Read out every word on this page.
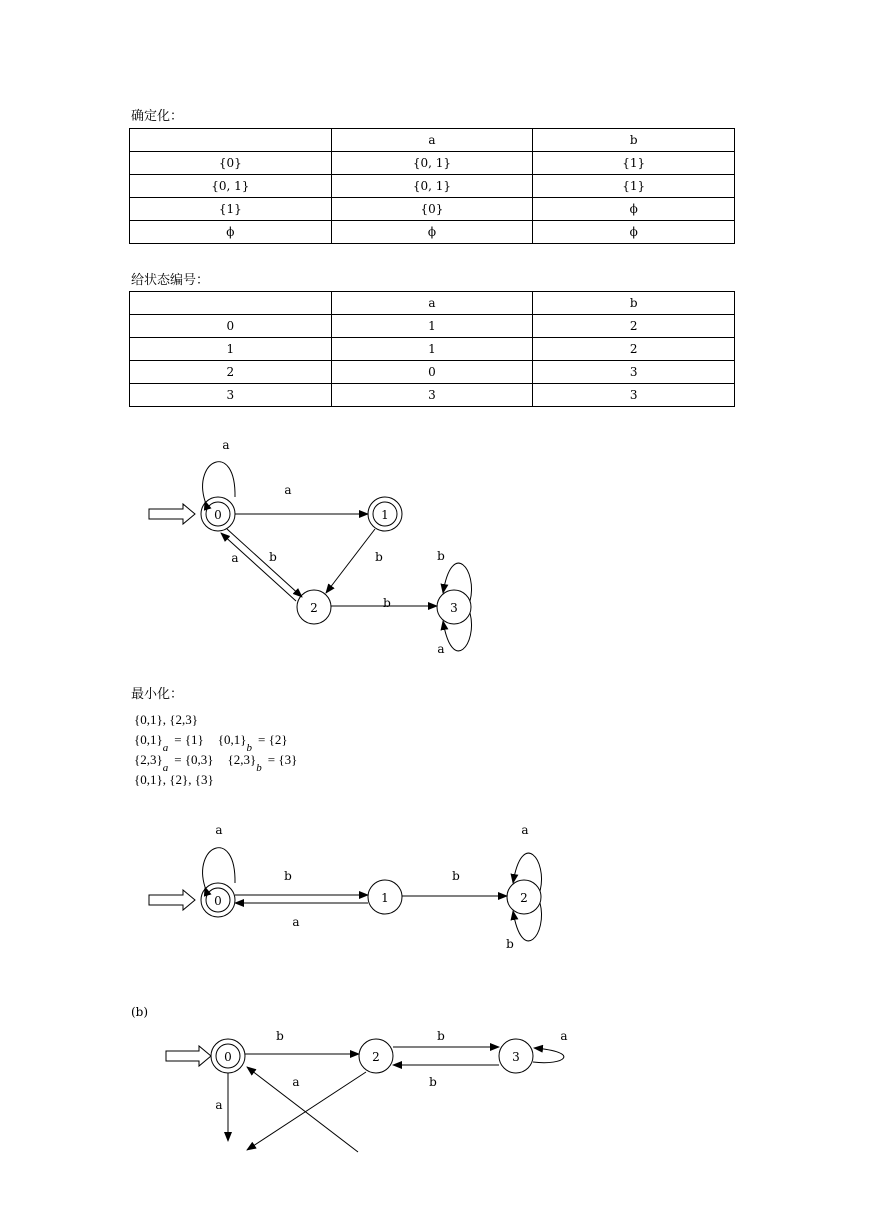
确定化：
	a	b
{0}	{0, 1}	{1}
{0, 1}	{0, 1}	{1}
{1}	{0}	ϕ
ϕ	ϕ	ϕ
给状态编号：
	a	b
0	1	2
1	1	2
2	0	3
3	3	3
0	1
2	3
a
a
b
a	b
b
b
a
最小化：
{0,1}, {2,3}
$\{0,1\}_a= \{1\}$ $\{0,1\}_b= \{2\}$
$\{2,3\}_a= \{0,3\}$ $\{2,3\}_b= \{3\}$
{0,1}, {2}, {3}
0	1	2
a
b
a
b
a
b
(b)
0	2	3
b	b
b
a
a
a
